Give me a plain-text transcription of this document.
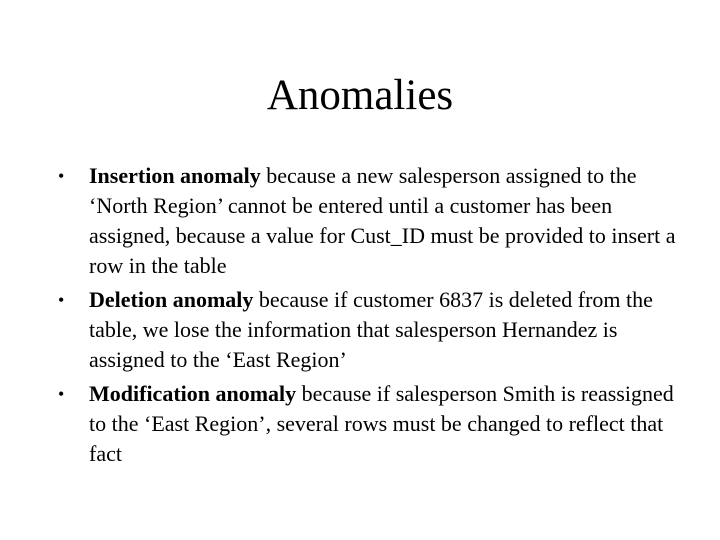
Anomalies
• Insertion anomaly because a new salesperson assigned to the ‘North Region’ cannot be entered until a customer has been assigned, because a value for Cust_ID must be provided to insert a row in the table
• Deletion anomaly because if customer 6837 is deleted from the table, we lose the information that salesperson Hernandez is assigned to the ‘East Region’
• Modification anomaly because if salesperson Smith is reassigned to the ‘East Region’, several rows must be changed to reflect that fact
